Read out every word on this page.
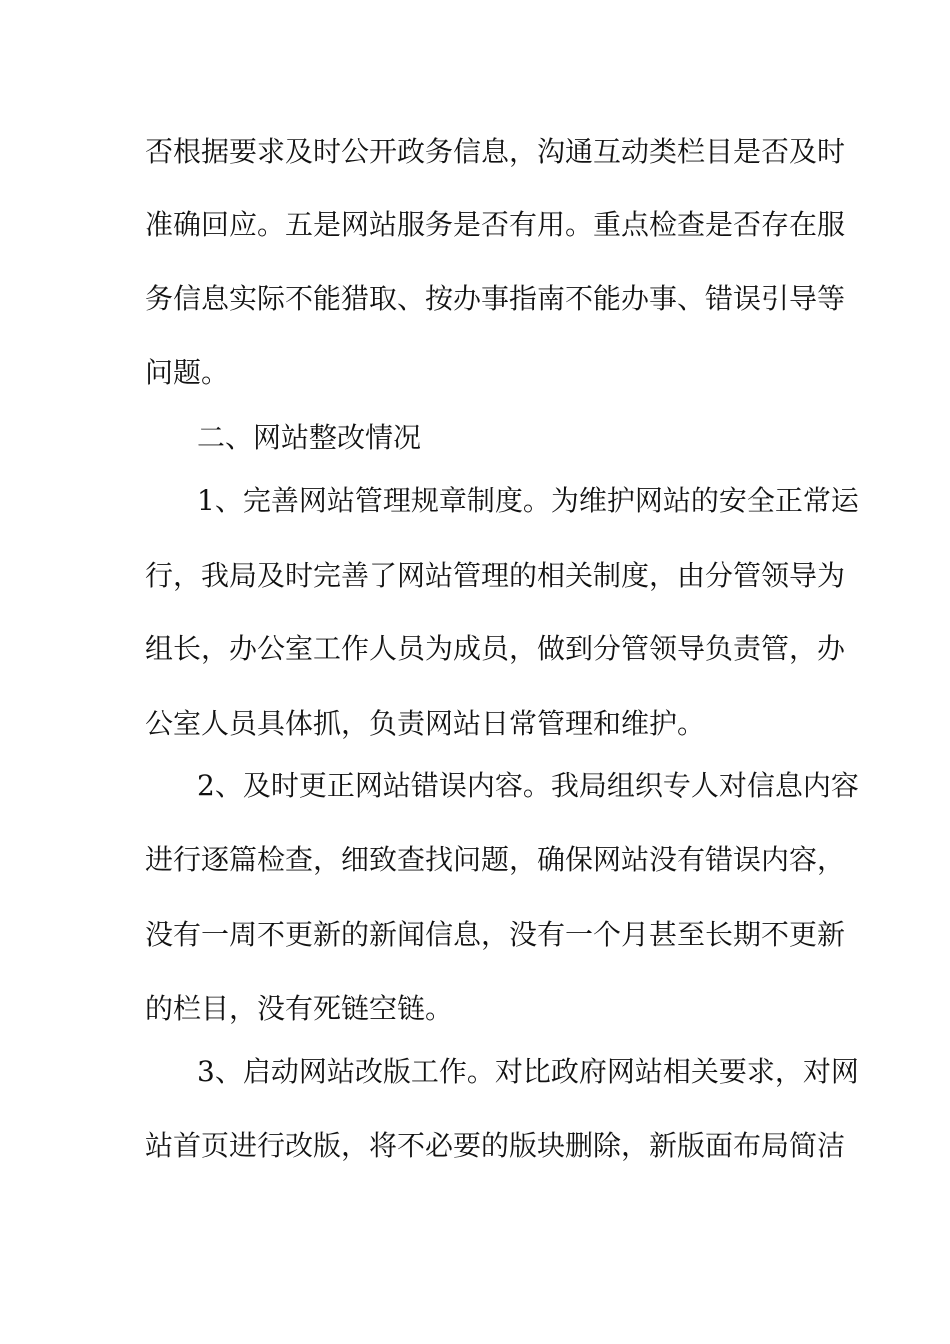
否根据要求及时公开政务信息，沟通互动类栏目是否及时
准确回应。五是网站服务是否有用。重点检查是否存在服
务信息实际不能猎取、按办事指南不能办事、错误引导等
问题。
二、网站整改情况
1、完善网站管理规章制度。为维护网站的安全正常运
行，我局及时完善了网站管理的相关制度，由分管领导为
组长，办公室工作人员为成员，做到分管领导负责管，办
公室人员具体抓，负责网站日常管理和维护。
2、及时更正网站错误内容。我局组织专人对信息内容
进行逐篇检查，细致查找问题，确保网站没有错误内容，
没有一周不更新的新闻信息，没有一个月甚至长期不更新
的栏目，没有死链空链。
3、启动网站改版工作。对比政府网站相关要求，对网
站首页进行改版，将不必要的版块删除，新版面布局简洁
